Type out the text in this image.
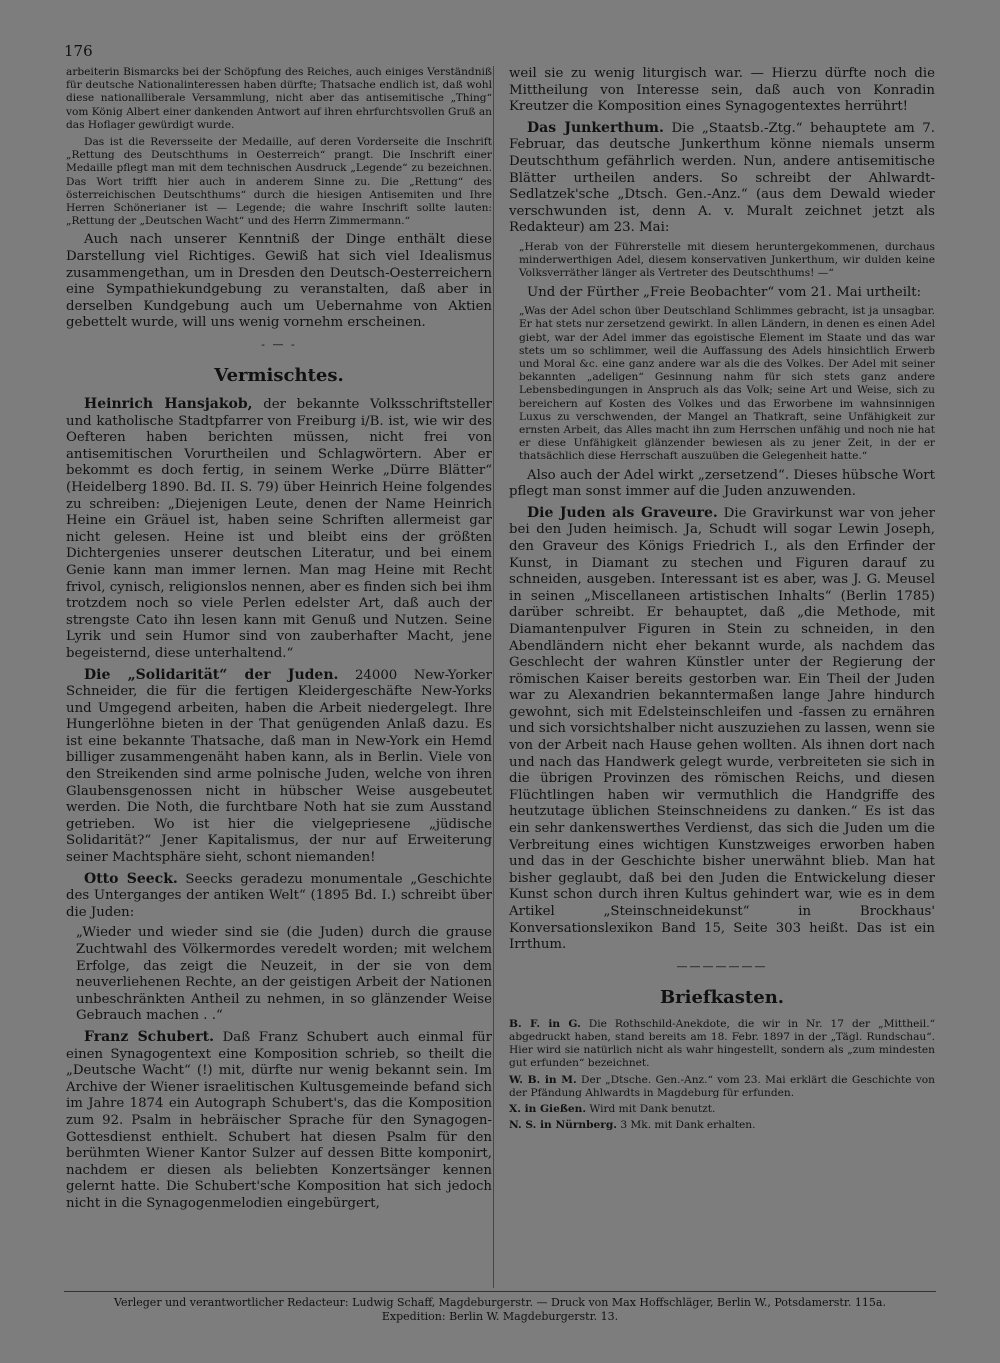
176

arbeiterin Bismarcks bei der Schöpfung des Reiches, auch einiges Verständniß für deutsche Nationalinteressen haben dürfte; Thatsache endlich ist, daß wohl diese nationalliberale Versammlung, nicht aber das antisemitische „Thing“ vom König Albert einer dankenden Antwort auf ihren ehrfurchtsvollen Gruß an das Hoflager gewürdigt wurde.

Das ist die Reversseite der Medaille, auf deren Vorderseite die Inschrift „Rettung des Deutschthums in Oesterreich“ prangt. Die Inschrift einer Medaille pflegt man mit dem technischen Ausdruck „Legende“ zu bezeichnen. Das Wort trifft hier auch in anderem Sinne zu. Die „Rettung“ des österreichischen Deutschthums“ durch die hiesigen Antisemiten und Ihre Herren Schönerianer ist — Legende; die wahre Inschrift sollte lauten: „Rettung der „Deutschen Wacht“ und des Herrn Zimmermann.“

Auch nach unserer Kenntniß der Dinge enthält diese Darstellung viel Richtiges. Gewiß hat sich viel Idealismus zusammengethan, um in Dresden den Deutsch-Oesterreichern eine Sympathiekundgebung zu veranstalten, daß aber in derselben Kundgebung auch um Uebernahme von Aktien gebettelt wurde, will uns wenig vornehm erscheinen.

- — -
Vermischtes.

Heinrich Hansjakob, der bekannte Volksschriftsteller und katholische Stadtpfarrer von Freiburg i/B. ist, wie wir des Oefteren haben berichten müssen, nicht frei von antisemitischen Vorurtheilen und Schlagwörtern. Aber er bekommt es doch fertig, in seinem Werke „Dürre Blätter“ (Heidelberg 1890. Bd. II. S. 79) über Heinrich Heine folgendes zu schreiben: „Diejenigen Leute, denen der Name Heinrich Heine ein Gräuel ist, haben seine Schriften allermeist gar nicht gelesen. Heine ist und bleibt eins der größten Dichtergenies unserer deutschen Literatur, und bei einem Genie kann man immer lernen. Man mag Heine mit Recht frivol, cynisch, religionslos nennen, aber es finden sich bei ihm trotzdem noch so viele Perlen edelster Art, daß auch der strengste Cato ihn lesen kann mit Genuß und Nutzen. Seine Lyrik und sein Humor sind von zauberhafter Macht, jene begeisternd, diese unterhaltend.“

Die „Solidarität“ der Juden. 24000 New-Yorker Schneider, die für die fertigen Kleidergeschäfte New-Yorks und Umgegend arbeiten, haben die Arbeit niedergelegt. Ihre Hungerlöhne bieten in der That genügenden Anlaß dazu. Es ist eine bekannte Thatsache, daß man in New-York ein Hemd billiger zusammengenäht haben kann, als in Berlin. Viele von den Streikenden sind arme polnische Juden, welche von ihren Glaubensgenossen nicht in hübscher Weise ausgebeutet werden. Die Noth, die furchtbare Noth hat sie zum Ausstand getrieben. Wo ist hier die vielgepriesene „jüdische Solidarität?“ Jener Kapitalismus, der nur auf Erweiterung seiner Machtsphäre sieht, schont niemanden!

Otto Seeck. Seecks geradezu monumentale „Geschichte des Unterganges der antiken Welt“ (1895 Bd. I.) schreibt über die Juden:

„Wieder und wieder sind sie (die Juden) durch die grause Zuchtwahl des Völkermordes veredelt worden; mit welchem Erfolge, das zeigt die Neuzeit, in der sie von dem neuverliehenen Rechte, an der geistigen Arbeit der Nationen unbeschränkten Antheil zu nehmen, in so glänzender Weise Gebrauch machen . .“

Franz Schubert. Daß Franz Schubert auch einmal für einen Synagogentext eine Komposition schrieb, so theilt die „Deutsche Wacht“ (!) mit, dürfte nur wenig bekannt sein. Im Archive der Wiener israelitischen Kultusgemeinde befand sich im Jahre 1874 ein Autograph Schubert's, das die Komposition zum 92. Psalm in hebräischer Sprache für den Synagogen-Gottesdienst enthielt. Schubert hat diesen Psalm für den berühmten Wiener Kantor Sulzer auf dessen Bitte komponirt, nachdem er diesen als beliebten Konzertsänger kennen gelernt hatte. Die Schubert'sche Komposition hat sich jedoch nicht in die Synagogenmelodien eingebürgert,

weil sie zu wenig liturgisch war. — Hierzu dürfte noch die Mittheilung von Interesse sein, daß auch von Konradin Kreutzer die Komposition eines Synagogentextes herrührt!

Das Junkerthum. Die „Staatsb.-Ztg.“ behauptete am 7. Februar, das deutsche Junkerthum könne niemals unserm Deutschthum gefährlich werden. Nun, andere antisemitische Blätter urtheilen anders. So schreibt der Ahlwardt-Sedlatzek'sche „Dtsch. Gen.-Anz.“ (aus dem Dewald wieder verschwunden ist, denn A. v. Muralt zeichnet jetzt als Redakteur) am 23. Mai:

„Herab von der Führerstelle mit diesem heruntergekommenen, durchaus minderwerthigen Adel, diesem konservativen Junkerthum, wir dulden keine Volksverräther länger als Vertreter des Deutschthums! —“

Und der Fürther „Freie Beobachter“ vom 21. Mai urtheilt:

„Was der Adel schon über Deutschland Schlimmes gebracht, ist ja unsagbar. Er hat stets nur zersetzend gewirkt. In allen Ländern, in denen es einen Adel giebt, war der Adel immer das egoistische Element im Staate und das war stets um so schlimmer, weil die Auffassung des Adels hinsichtlich Erwerb und Moral &c. eine ganz andere war als die des Volkes. Der Adel mit seiner bekannten „adeligen“ Gesinnung nahm für sich stets ganz andere Lebensbedingungen in Anspruch als das Volk; seine Art und Weise, sich zu bereichern auf Kosten des Volkes und das Erworbene im wahnsinnigen Luxus zu verschwenden, der Mangel an Thatkraft, seine Unfähigkeit zur ernsten Arbeit, das Alles macht ihn zum Herrschen unfähig und noch nie hat er diese Unfähigkeit glänzender bewiesen als zu jener Zeit, in der er thatsächlich diese Herrschaft auszuüben die Gelegenheit hatte.“

Also auch der Adel wirkt „zersetzend“. Dieses hübsche Wort pflegt man sonst immer auf die Juden anzuwenden.

Die Juden als Graveure. Die Gravirkunst war von jeher bei den Juden heimisch. Ja, Schudt will sogar Lewin Joseph, den Graveur des Königs Friedrich I., als den Erfinder der Kunst, in Diamant zu stechen und Figuren darauf zu schneiden, ausgeben. Interessant ist es aber, was J. G. Meusel in seinen „Miscellaneen artistischen Inhalts“ (Berlin 1785) darüber schreibt. Er behauptet, daß „die Methode, mit Diamantenpulver Figuren in Stein zu schneiden, in den Abendländern nicht eher bekannt wurde, als nachdem das Geschlecht der wahren Künstler unter der Regierung der römischen Kaiser bereits gestorben war. Ein Theil der Juden war zu Alexandrien bekanntermaßen lange Jahre hindurch gewohnt, sich mit Edelsteinschleifen und -fassen zu ernähren und sich vorsichtshalber nicht auszuziehen zu lassen, wenn sie von der Arbeit nach Hause gehen wollten. Als ihnen dort nach und nach das Handwerk gelegt wurde, verbreiteten sie sich in die übrigen Provinzen des römischen Reichs, und diesen Flüchtlingen haben wir vermuthlich die Handgriffe des heutzutage üblichen Steinschneidens zu danken.“ Es ist das ein sehr dankenswerthes Verdienst, das sich die Juden um die Verbreitung eines wichtigen Kunstzweiges erworben haben und das in der Geschichte bisher unerwähnt blieb. Man hat bisher geglaubt, daß bei den Juden die Entwickelung dieser Kunst schon durch ihren Kultus gehindert war, wie es in dem Artikel „Steinschneidekunst“ in Brockhaus' Konversationslexikon Band 15, Seite 303 heißt. Das ist ein Irrthum.

———————
Briefkasten.

B. F. in G. Die Rothschild-Anekdote, die wir in Nr. 17 der „Mittheil.“ abgedruckt haben, stand bereits am 18. Febr. 1897 in der „Tägl. Rundschau“. Hier wird sie natürlich nicht als wahr hingestellt, sondern als „zum mindesten gut erfunden“ bezeichnet.

W. B. in M. Der „Dtsche. Gen.-Anz.“ vom 23. Mai erklärt die Geschichte von der Pfändung Ahlwardts in Magdeburg für erfunden.

X. in Gießen. Wird mit Dank benutzt.

N. S. in Nürnberg. 3 Mk. mit Dank erhalten.

Verleger und verantwortlicher Redacteur: Ludwig Schaff, Magdeburgerstr. — Druck von Max Hoffschläger, Berlin W., Potsdamerstr. 115a.
Expedition: Berlin W. Magdeburgerstr. 13.
